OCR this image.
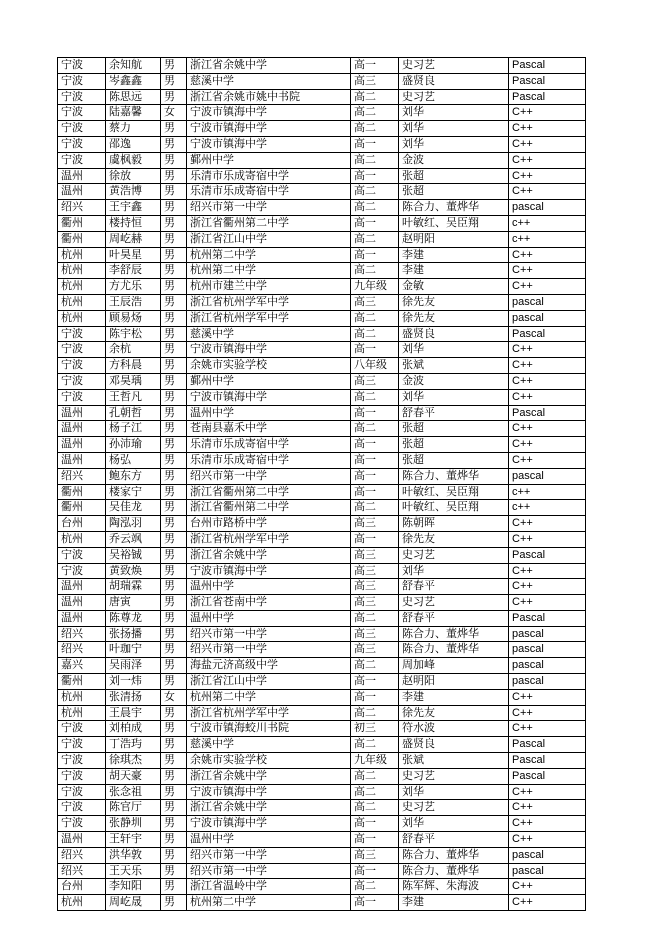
宁波	余知航	男	浙江省余姚中学	高一	史习艺	Pascal
宁波	岑鑫鑫	男	慈溪中学	高三	盛贤良	Pascal
宁波	陈思远	男	浙江省余姚市姚中书院	高二	史习艺	Pascal
宁波	陆嘉馨	女	宁波市镇海中学	高二	刘华	C++
宁波	蔡力	男	宁波市镇海中学	高二	刘华	C++
宁波	邵逸	男	宁波市镇海中学	高一	刘华	C++
宁波	虞枫毅	男	鄞州中学	高二	金波	C++
温州	徐放	男	乐清市乐成寄宿中学	高一	张超	C++
温州	黄浩博	男	乐清市乐成寄宿中学	高二	张超	C++
绍兴	王宇鑫	男	绍兴市第一中学	高二	陈合力、董烨华	pascal
衢州	楼持恒	男	浙江省衢州第二中学	高一	叶敏红、吴臣翔	c++
衢州	周屹赫	男	浙江省江山中学	高二	赵明阳	c++
杭州	叶昊星	男	杭州第二中学	高一	李建	C++
杭州	李舒辰	男	杭州第二中学	高二	李建	C++
杭州	方尤乐	男	杭州市建兰中学	九年级	金敏	C++
杭州	王辰浩	男	浙江省杭州学军中学	高三	徐先友	pascal
杭州	顾易炀	男	浙江省杭州学军中学	高二	徐先友	pascal
宁波	陈宇松	男	慈溪中学	高二	盛贤良	Pascal
宁波	余杭	男	宁波市镇海中学	高一	刘华	C++
宁波	方科晨	男	余姚市实验学校	八年级	张斌	C++
宁波	邓昊瑀	男	鄞州中学	高三	金波	C++
宁波	王哲凡	男	宁波市镇海中学	高二	刘华	C++
温州	孔朝哲	男	温州中学	高一	舒春平	Pascal
温州	杨子江	男	苍南县嘉禾中学	高二	张超	C++
温州	孙沛瑜	男	乐清市乐成寄宿中学	高一	张超	C++
温州	杨弘	男	乐清市乐成寄宿中学	高一	张超	C++
绍兴	鲍东方	男	绍兴市第一中学	高一	陈合力、董烨华	pascal
衢州	楼家宁	男	浙江省衢州第二中学	高一	叶敏红、吴臣翔	c++
衢州	吴佳龙	男	浙江省衢州第二中学	高二	叶敏红、吴臣翔	c++
台州	陶泓羽	男	台州市路桥中学	高三	陈朝晖	C++
杭州	乔云飒	男	浙江省杭州学军中学	高一	徐先友	C++
宁波	吴裕铖	男	浙江省余姚中学	高三	史习艺	Pascal
宁波	黄致焕	男	宁波市镇海中学	高三	刘华	C++
温州	胡瑞霖	男	温州中学	高三	舒春平	C++
温州	唐寅	男	浙江省苍南中学	高三	史习艺	C++
温州	陈尊龙	男	温州中学	高二	舒春平	Pascal
绍兴	张扬播	男	绍兴市第一中学	高三	陈合力、董烨华	pascal
绍兴	叶珈宁	男	绍兴市第一中学	高三	陈合力、董烨华	pascal
嘉兴	吴雨泽	男	海盐元济高级中学	高二	周加峰	pascal
衢州	刘一炜	男	浙江省江山中学	高一	赵明阳	pascal
杭州	张清扬	女	杭州第二中学	高一	李建	C++
杭州	王晨宇	男	浙江省杭州学军中学	高二	徐先友	C++
宁波	刘柏成	男	宁波市镇海蛟川书院	初三	符水波	C++
宁波	丁浩玙	男	慈溪中学	高二	盛贤良	Pascal
宁波	徐琪杰	男	余姚市实验学校	九年级	张斌	Pascal
宁波	胡天豪	男	浙江省余姚中学	高二	史习艺	Pascal
宁波	张念祖	男	宁波市镇海中学	高二	刘华	C++
宁波	陈官厅	男	浙江省余姚中学	高二	史习艺	C++
宁波	张静圳	男	宁波市镇海中学	高一	刘华	C++
温州	王轩宇	男	温州中学	高一	舒春平	C++
绍兴	洪华敦	男	绍兴市第一中学	高三	陈合力、董烨华	pascal
绍兴	王天乐	男	绍兴市第一中学	高一	陈合力、董烨华	pascal
台州	李知阳	男	浙江省温岭中学	高二	陈军辉、朱海波	C++
杭州	周屹晟	男	杭州第二中学	高一	李建	C++
